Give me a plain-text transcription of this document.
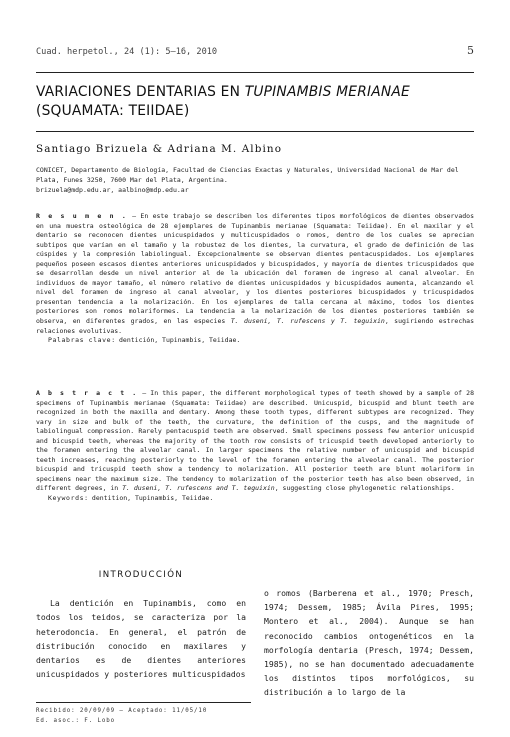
Cuad. herpetol., 24 (1): 5–16, 2010	5
VARIACIONES DENTARIAS EN TUPINAMBIS MERIANAE
(SQUAMATA: TEIIDAE)
Santiago Brizuela & Adriana M. Albino
CONICET, Departamento de Biología, Facultad de Ciencias Exactas y Naturales, Universidad Nacional de Mar del Plata, Funes 3250, 7600 Mar del Plata, Argentina.
brizuela@mdp.edu.ar, aalbino@mdp.edu.ar
R e s u m e n . — En este trabajo se describen los diferentes tipos morfológicos de dientes observados en una muestra osteológica de 28 ejemplares de Tupinambis merianae (Squamata: Teiidae). En el maxilar y el dentario se reconocen dientes unicuspidados y multicuspidados o romos, dentro de los cuales se aprecian subtipos que varían en el tamaño y la robustez de los dientes, la curvatura, el grado de definición de las cúspides y la compresión labiolingual. Excepcionalmente se observan dientes pentacuspidados. Los ejemplares pequeños poseen escasos dientes anteriores unicuspidados y bicuspidados, y mayoría de dientes tricuspidados que se desarrollan desde un nivel anterior al de la ubicación del foramen de ingreso al canal alveolar. En individuos de mayor tamaño, el número relativo de dientes unicuspidados y bicuspidados aumenta, alcanzando el nivel del foramen de ingreso al canal alveolar, y los dientes posteriores bicuspidados y tricuspidados presentan tendencia a la molarización. En los ejemplares de talla cercana al máximo, todos los dientes posteriores son romos molariformes. La tendencia a la molarización de los dientes posteriores también se observa, en diferentes grados, en las especies T. duseni, T. rufescens y T. teguixin, sugiriendo estrechas relaciones evolutivas.
Palabras clave: dentición, Tupinambis, Teiidae.
A b s t r a c t . — In this paper, the different morphological types of teeth showed by a sample of 28 specimens of Tupinambis merianae (Squamata: Teiidae) are described. Unicuspid, bicuspid and blunt teeth are recognized in both the maxilla and dentary. Among these tooth types, different subtypes are recognized. They vary in size and bulk of the teeth, the curvature, the definition of the cusps, and the magnitude of labiolingual compression. Rarely pentacuspid teeth are observed. Small specimens possess few anterior unicuspid and bicuspid teeth, whereas the majority of the tooth row consists of tricuspid teeth developed anteriorly to the foramen entering the alveolar canal. In larger specimens the relative number of unicuspid and bicuspid teeth increases, reaching posteriorly to the level of the foramen entering the alveolar canal. The posterior bicuspid and tricuspid teeth show a tendency to molarization. All posterior teeth are blunt molariform in specimens near the maximum size. The tendency to molarization of the posterior teeth has also been observed, in different degrees, in T. duseni, T. rufescens and T. teguixin, suggesting close phylogenetic relationships.
Keywords: dentition, Tupinambis, Teiidae.
INTRODUCCIÓN
La dentición en Tupinambis, como en todos los teidos, se caracteriza por la heterodoncia. En general, el patrón de distribución conocido en maxilares y dentarios es de dientes anteriores unicuspidados y posteriores multicuspidados
o romos (Barberena et al., 1970; Presch, 1974; Dessem, 1985; Ávila Pires, 1995; Montero et al., 2004). Aunque se han reconocido cambios ontogenéticos en la morfología dentaria (Presch, 1974; Dessem, 1985), no se han documentado adecuadamente los distintos tipos morfológicos, su distribución a lo largo de la
Recibido: 20/09/09 — Aceptado: 11/05/10
Ed. asoc.: F. Lobo
